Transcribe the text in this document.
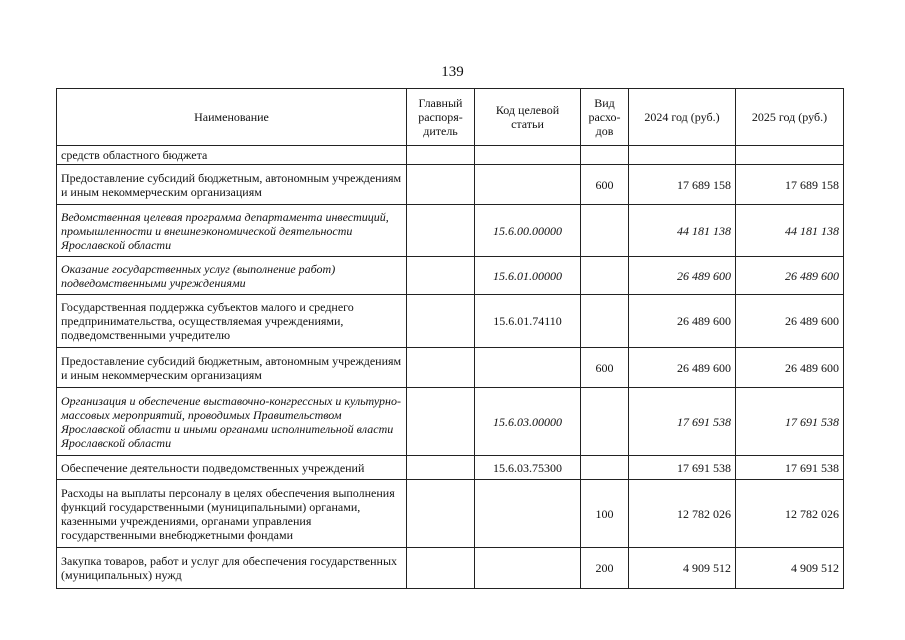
139
Наименование	Главный распоря-дитель	Код целевой статьи	Вид расхо-дов	2024 год (руб.)	2025 год (руб.)
средств областного бюджета					
Предоставление субсидий бюджетным, автономным учреждениям и иным некоммерческим организациям			600	17 689 158	17 689 158
Ведомственная целевая программа департамента инвестиций, промышленности и внешнеэкономической деятельности Ярославской области		15.6.00.00000		44 181 138	44 181 138
Оказание государственных услуг (выполнение работ) подведомственными учреждениями		15.6.01.00000		26 489 600	26 489 600
Государственная поддержка субъектов малого и среднего предпринимательства, осуществляемая учреждениями, подведомственными учредителю		15.6.01.74110		26 489 600	26 489 600
Предоставление субсидий бюджетным, автономным учреждениям и иным некоммерческим организациям			600	26 489 600	26 489 600
Организация и обеспечение выставочно-конгрессных и культурно-массовых мероприятий, проводимых Правительством Ярославской области и иными органами исполнительной власти Ярославской области		15.6.03.00000		17 691 538	17 691 538
Обеспечение деятельности подведомственных учреждений		15.6.03.75300		17 691 538	17 691 538
Расходы на выплаты персоналу в целях обеспечения выполнения функций государственными (муниципальными) органами, казенными учреждениями, органами управления государственными внебюджетными фондами			100	12 782 026	12 782 026
Закупка товаров, работ и услуг для обеспечения государственных (муниципальных) нужд			200	4 909 512	4 909 512
